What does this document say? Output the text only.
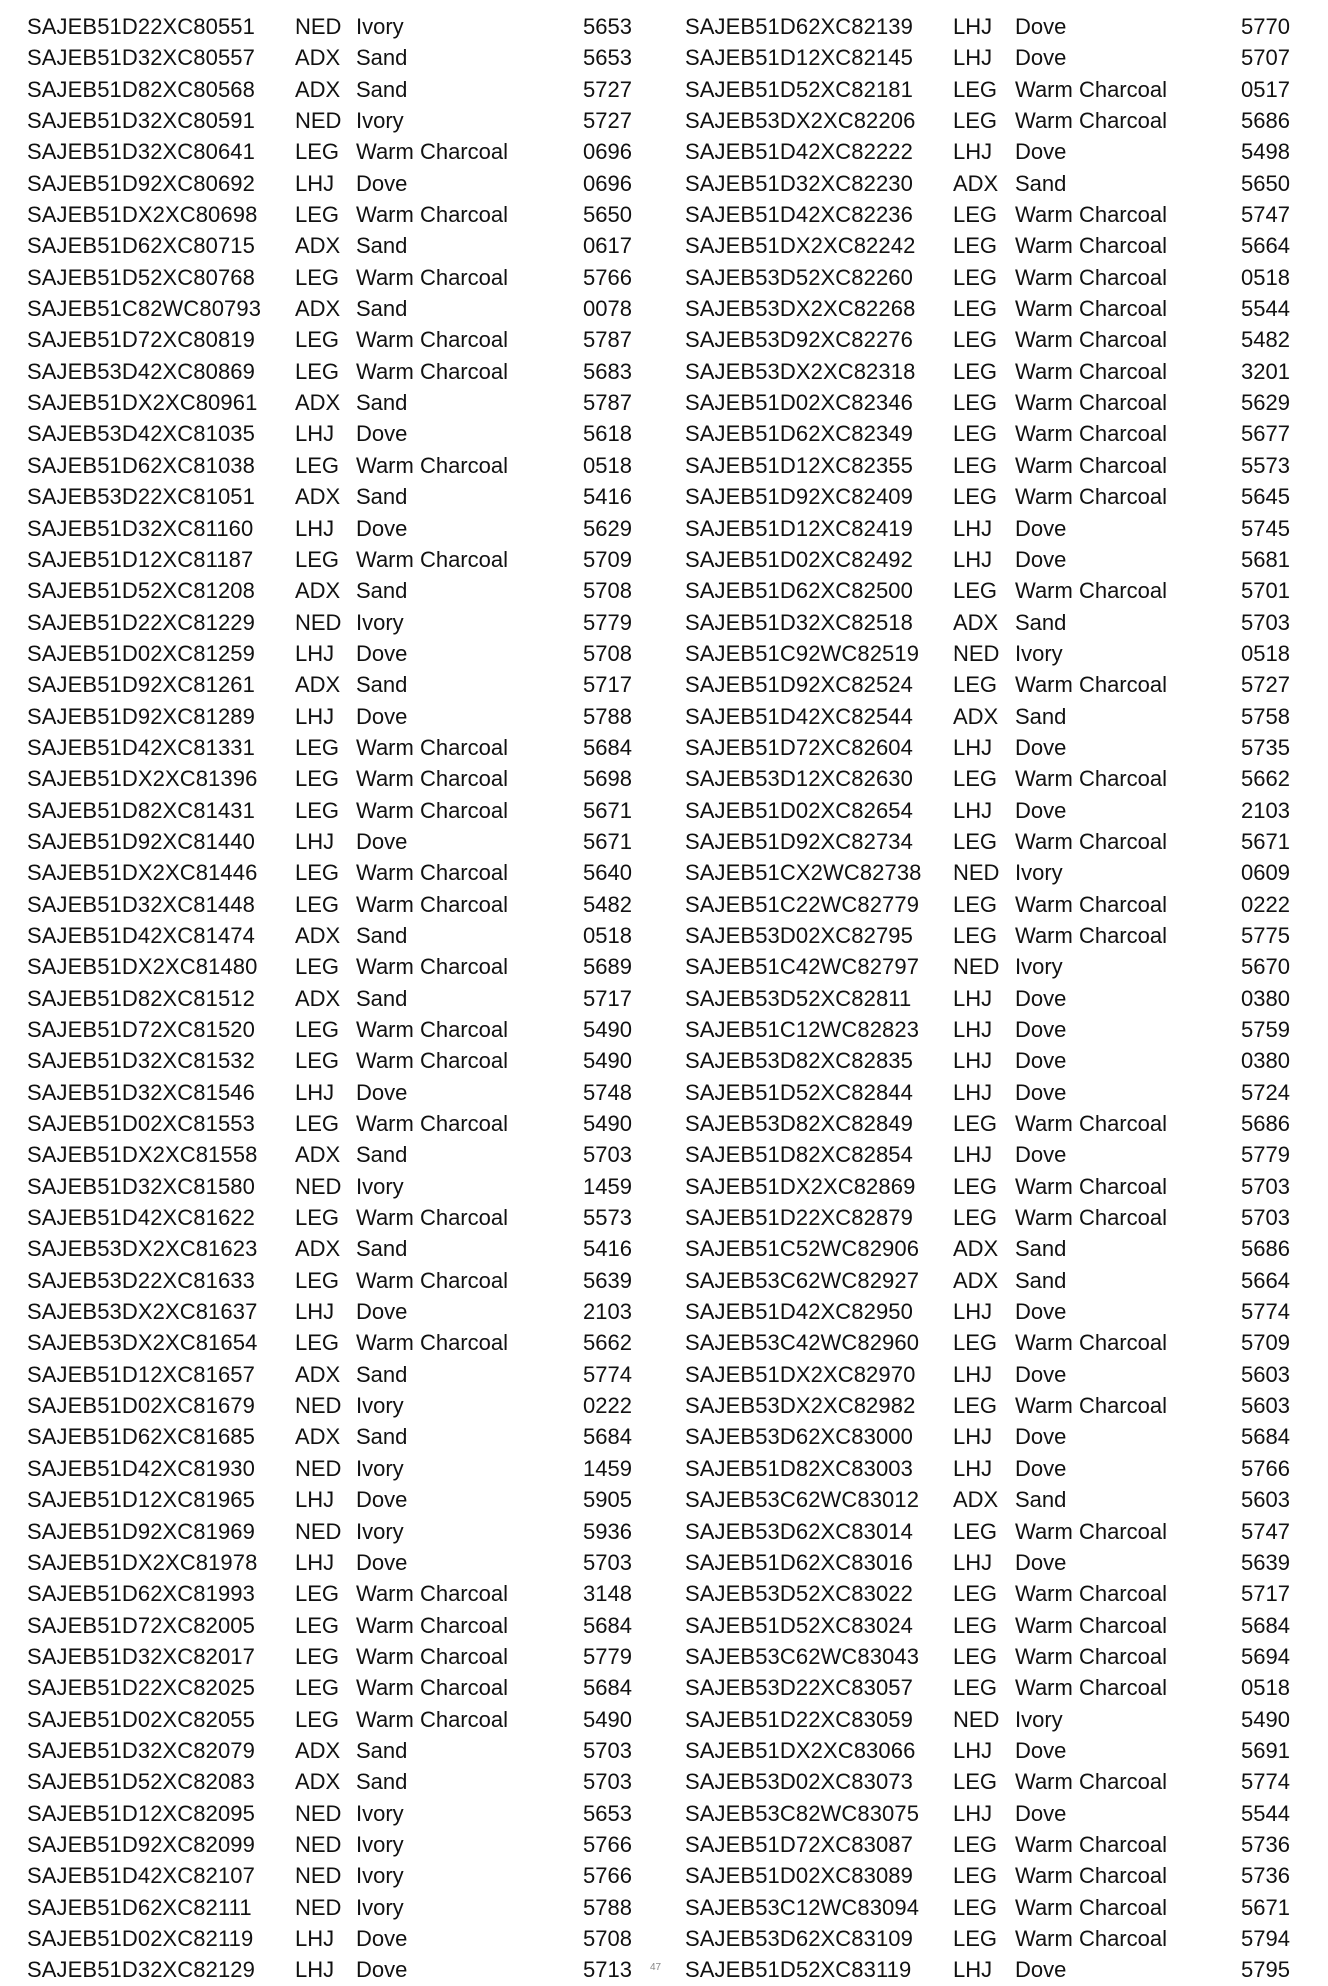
SAJEB51D22XC80551 NED Ivory	5653
SAJEB51D32XC80557 ADX Sand	5653
SAJEB51D82XC80568 ADX Sand	5727
SAJEB51D32XC80591 NED Ivory	5727
SAJEB51D32XC80641 LEG Warm Charcoal	0696
SAJEB51D92XC80692 LHJ Dove	0696
SAJEB51DX2XC80698 LEG Warm Charcoal	5650
SAJEB51D62XC80715 ADX Sand	0617
SAJEB51D52XC80768 LEG Warm Charcoal	5766
SAJEB51C82WC80793 ADX Sand	0078
SAJEB51D72XC80819 LEG Warm Charcoal	5787
SAJEB53D42XC80869 LEG Warm Charcoal	5683
SAJEB51DX2XC80961 ADX Sand	5787
SAJEB53D42XC81035 LHJ Dove	5618
SAJEB51D62XC81038 LEG Warm Charcoal	0518
SAJEB53D22XC81051 ADX Sand	5416
SAJEB51D32XC81160 LHJ Dove	5629
SAJEB51D12XC81187 LEG Warm Charcoal	5709
SAJEB51D52XC81208 ADX Sand	5708
SAJEB51D22XC81229 NED Ivory	5779
SAJEB51D02XC81259 LHJ Dove	5708
SAJEB51D92XC81261 ADX Sand	5717
SAJEB51D92XC81289 LHJ Dove	5788
SAJEB51D42XC81331 LEG Warm Charcoal	5684
SAJEB51DX2XC81396 LEG Warm Charcoal	5698
SAJEB51D82XC81431 LEG Warm Charcoal	5671
SAJEB51D92XC81440 LHJ Dove	5671
SAJEB51DX2XC81446 LEG Warm Charcoal	5640
SAJEB51D32XC81448 LEG Warm Charcoal	5482
SAJEB51D42XC81474 ADX Sand	0518
SAJEB51DX2XC81480 LEG Warm Charcoal	5689
SAJEB51D82XC81512 ADX Sand	5717
SAJEB51D72XC81520 LEG Warm Charcoal	5490
SAJEB51D32XC81532 LEG Warm Charcoal	5490
SAJEB51D32XC81546 LHJ Dove	5748
SAJEB51D02XC81553 LEG Warm Charcoal	5490
SAJEB51DX2XC81558 ADX Sand	5703
SAJEB51D32XC81580 NED Ivory	1459
SAJEB51D42XC81622 LEG Warm Charcoal	5573
SAJEB53DX2XC81623 ADX Sand	5416
SAJEB53D22XC81633 LEG Warm Charcoal	5639
SAJEB53DX2XC81637 LHJ Dove	2103
SAJEB53DX2XC81654 LEG Warm Charcoal	5662
SAJEB51D12XC81657 ADX Sand	5774
SAJEB51D02XC81679 NED Ivory	0222
SAJEB51D62XC81685 ADX Sand	5684
SAJEB51D42XC81930 NED Ivory	1459
SAJEB51D12XC81965 LHJ Dove	5905
SAJEB51D92XC81969 NED Ivory	5936
SAJEB51DX2XC81978 LHJ Dove	5703
SAJEB51D62XC81993 LEG Warm Charcoal	3148
SAJEB51D72XC82005 LEG Warm Charcoal	5684
SAJEB51D32XC82017 LEG Warm Charcoal	5779
SAJEB51D22XC82025 LEG Warm Charcoal	5684
SAJEB51D02XC82055 LEG Warm Charcoal	5490
SAJEB51D32XC82079 ADX Sand	5703
SAJEB51D52XC82083 ADX Sand	5703
SAJEB51D12XC82095 NED Ivory	5653
SAJEB51D92XC82099 NED Ivory	5766
SAJEB51D42XC82107 NED Ivory	5766
SAJEB51D62XC82111 NED Ivory	5788
SAJEB51D02XC82119 LHJ Dove	5708
SAJEB51D32XC82129 LHJ Dove	5713
SAJEB51D62XC82139 LHJ Dove	5770
SAJEB51D12XC82145 LHJ Dove	5707
SAJEB51D52XC82181 LEG Warm Charcoal	0517
SAJEB53DX2XC82206 LEG Warm Charcoal	5686
SAJEB51D42XC82222 LHJ Dove	5498
SAJEB51D32XC82230 ADX Sand	5650
SAJEB51D42XC82236 LEG Warm Charcoal	5747
SAJEB51DX2XC82242 LEG Warm Charcoal	5664
SAJEB53D52XC82260 LEG Warm Charcoal	0518
SAJEB53DX2XC82268 LEG Warm Charcoal	5544
SAJEB53D92XC82276 LEG Warm Charcoal	5482
SAJEB53DX2XC82318 LEG Warm Charcoal	3201
SAJEB51D02XC82346 LEG Warm Charcoal	5629
SAJEB51D62XC82349 LEG Warm Charcoal	5677
SAJEB51D12XC82355 LEG Warm Charcoal	5573
SAJEB51D92XC82409 LEG Warm Charcoal	5645
SAJEB51D12XC82419 LHJ Dove	5745
SAJEB51D02XC82492 LHJ Dove	5681
SAJEB51D62XC82500 LEG Warm Charcoal	5701
SAJEB51D32XC82518 ADX Sand	5703
SAJEB51C92WC82519 NED Ivory	0518
SAJEB51D92XC82524 LEG Warm Charcoal	5727
SAJEB51D42XC82544 ADX Sand	5758
SAJEB51D72XC82604 LHJ Dove	5735
SAJEB53D12XC82630 LEG Warm Charcoal	5662
SAJEB51D02XC82654 LHJ Dove	2103
SAJEB51D92XC82734 LEG Warm Charcoal	5671
SAJEB51CX2WC82738 NED Ivory	0609
SAJEB51C22WC82779 LEG Warm Charcoal	0222
SAJEB53D02XC82795 LEG Warm Charcoal	5775
SAJEB51C42WC82797 NED Ivory	5670
SAJEB53D52XC82811 LHJ Dove	0380
SAJEB51C12WC82823 LHJ Dove	5759
SAJEB53D82XC82835 LHJ Dove	0380
SAJEB51D52XC82844 LHJ Dove	5724
SAJEB53D82XC82849 LEG Warm Charcoal	5686
SAJEB51D82XC82854 LHJ Dove	5779
SAJEB51DX2XC82869 LEG Warm Charcoal	5703
SAJEB51D22XC82879 LEG Warm Charcoal	5703
SAJEB51C52WC82906 ADX Sand	5686
SAJEB53C62WC82927 ADX Sand	5664
SAJEB51D42XC82950 LHJ Dove	5774
SAJEB53C42WC82960 LEG Warm Charcoal	5709
SAJEB51DX2XC82970 LHJ Dove	5603
SAJEB53DX2XC82982 LEG Warm Charcoal	5603
SAJEB53D62XC83000 LHJ Dove	5684
SAJEB51D82XC83003 LHJ Dove	5766
SAJEB53C62WC83012 ADX Sand	5603
SAJEB53D62XC83014 LEG Warm Charcoal	5747
SAJEB51D62XC83016 LHJ Dove	5639
SAJEB53D52XC83022 LEG Warm Charcoal	5717
SAJEB51D52XC83024 LEG Warm Charcoal	5684
SAJEB53C62WC83043 LEG Warm Charcoal	5694
SAJEB53D22XC83057 LEG Warm Charcoal	0518
SAJEB51D22XC83059 NED Ivory	5490
SAJEB51DX2XC83066 LHJ Dove	5691
SAJEB53D02XC83073 LEG Warm Charcoal	5774
SAJEB53C82WC83075 LHJ Dove	5544
SAJEB51D72XC83087 LEG Warm Charcoal	5736
SAJEB51D02XC83089 LEG Warm Charcoal	5736
SAJEB53C12WC83094 LEG Warm Charcoal	5671
SAJEB53D62XC83109 LEG Warm Charcoal	5794
SAJEB51D52XC83119 LHJ Dove	5795
47
